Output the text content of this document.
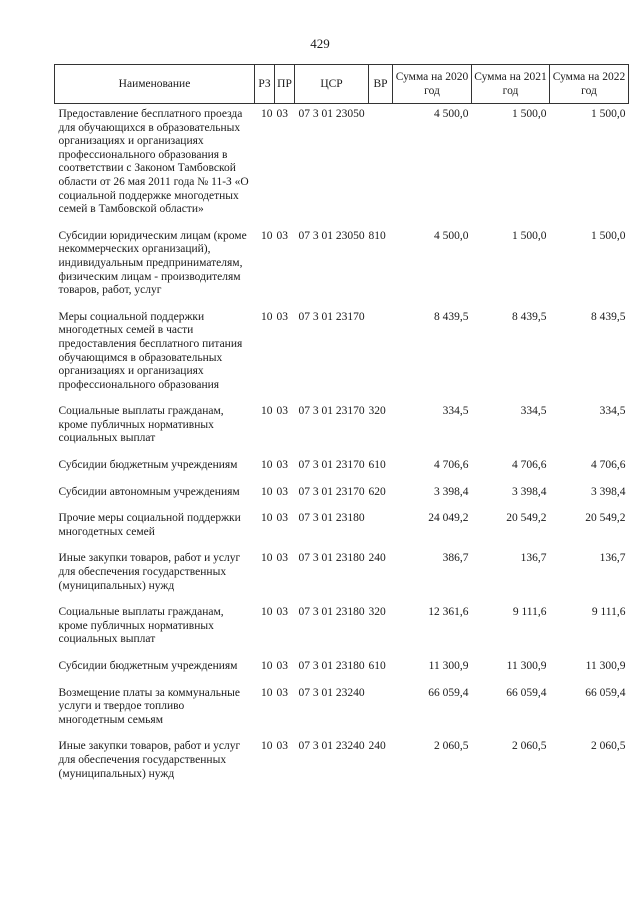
429
Наименование	РЗ	ПР	ЦСР	ВР	Сумма на 2020 год	Сумма на 2021 год	Сумма на 2022 год
Предоставление бесплатного проезда для обучающихся в образовательных организациях и организациях профессионального образования в соответствии с Законом Тамбовской области от 26 мая 2011 года № 11-З «О социальной поддержке многодетных семей в Тамбовской области»	10	03	07 3 01 23050		4 500,0	1 500,0	1 500,0
Субсидии юридическим лицам (кроме некоммерческих организаций), индивидуальным предпринимателям, физическим лицам - производителям товаров, работ, услуг	10	03	07 3 01 23050	810	4 500,0	1 500,0	1 500,0
Меры социальной поддержки многодетных семей в части предоставления бесплатного питания обучающимся в образовательных организациях и организациях профессионального образования	10	03	07 3 01 23170		8 439,5	8 439,5	8 439,5
Социальные выплаты гражданам, кроме публичных нормативных социальных выплат	10	03	07 3 01 23170	320	334,5	334,5	334,5
Субсидии бюджетным учреждениям	10	03	07 3 01 23170	610	4 706,6	4 706,6	4 706,6
Субсидии автономным учреждениям	10	03	07 3 01 23170	620	3 398,4	3 398,4	3 398,4
Прочие меры социальной поддержки многодетных семей	10	03	07 3 01 23180		24 049,2	20 549,2	20 549,2
Иные закупки товаров, работ и услуг для обеспечения государственных (муниципальных) нужд	10	03	07 3 01 23180	240	386,7	136,7	136,7
Социальные выплаты гражданам, кроме публичных нормативных социальных выплат	10	03	07 3 01 23180	320	12 361,6	9 111,6	9 111,6
Субсидии бюджетным учреждениям	10	03	07 3 01 23180	610	11 300,9	11 300,9	11 300,9
Возмещение платы за коммунальные услуги и твердое топливо многодетным семьям	10	03	07 3 01 23240		66 059,4	66 059,4	66 059,4
Иные закупки товаров, работ и услуг для обеспечения государственных (муниципальных) нужд	10	03	07 3 01 23240	240	2 060,5	2 060,5	2 060,5
